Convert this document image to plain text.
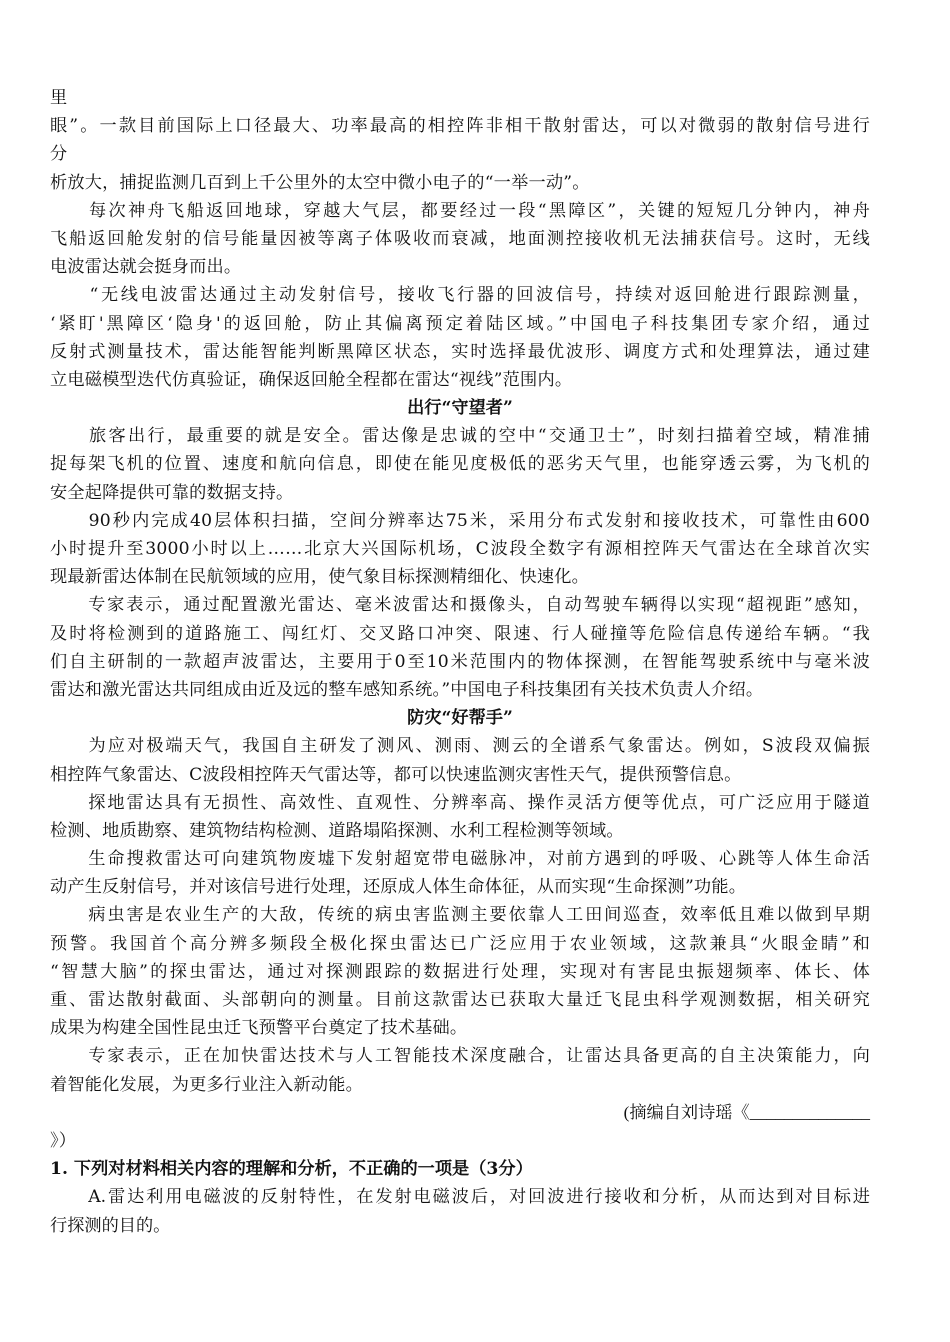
里
眼”。一款目前国际上口径最大、功率最高的相控阵非相干散射雷达，可以对微弱的散射信号进行
分
析放大，捕捉监测几百到上千公里外的太空中微小电子的“一举一动”。
　　每次神舟飞船返回地球，穿越大气层，都要经过一段“黑障区”，关键的短短几分钟内，神舟
飞船返回舱发射的信号能量因被等离子体吸收而衰减，地面测控接收机无法捕获信号。这时，无线
电波雷达就会挺身而出。
　　“无线电波雷达通过主动发射信号，接收飞行器的回波信号，持续对返回舱进行跟踪测量，
‘紧盯'黑障区‘隐身'的返回舱，防止其偏离预定着陆区域。”中国电子科技集团专家介绍，通过
反射式测量技术，雷达能智能判断黑障区状态，实时选择最优波形、调度方式和处理算法，通过建
立电磁模型迭代仿真验证，确保返回舱全程都在雷达“视线”范围内。
出行“守望者”
　　旅客出行，最重要的就是安全。雷达像是忠诚的空中“交通卫士”，时刻扫描着空域，精准捕
捉每架飞机的位置、速度和航向信息，即使在能见度极低的恶劣天气里，也能穿透云雾，为飞机的
安全起降提供可靠的数据支持。
　　90秒内完成40层体积扫描，空间分辨率达75米，采用分布式发射和接收技术，可靠性由600
小时提升至3000小时以上……北京大兴国际机场，C波段全数字有源相控阵天气雷达在全球首次实
现最新雷达体制在民航领域的应用，使气象目标探测精细化、快速化。
　　专家表示，通过配置激光雷达、毫米波雷达和摄像头，自动驾驶车辆得以实现“超视距”感知，
及时将检测到的道路施工、闯红灯、交叉路口冲突、限速、行人碰撞等危险信息传递给车辆。“我
们自主研制的一款超声波雷达，主要用于0至10米范围内的物体探测，在智能驾驶系统中与毫米波
雷达和激光雷达共同组成由近及远的整车感知系统。”中国电子科技集团有关技术负责人介绍。
防灾“好帮手”
　　为应对极端天气，我国自主研发了测风、测雨、测云的全谱系气象雷达。例如，S波段双偏振
相控阵气象雷达、C波段相控阵天气雷达等，都可以快速监测灾害性天气，提供预警信息。
　　探地雷达具有无损性、高效性、直观性、分辨率高、操作灵活方便等优点，可广泛应用于隧道
检测、地质勘察、建筑物结构检测、道路塌陷探测、水利工程检测等领域。
　　生命搜救雷达可向建筑物废墟下发射超宽带电磁脉冲，对前方遇到的呼吸、心跳等人体生命活
动产生反射信号，并对该信号进行处理，还原成人体生命体征，从而实现“生命探测”功能。
　　病虫害是农业生产的大敌，传统的病虫害监测主要依靠人工田间巡查，效率低且难以做到早期
预警。我国首个高分辨多频段全极化探虫雷达已广泛应用于农业领域，这款兼具“火眼金睛”和
“智慧大脑”的探虫雷达，通过对探测跟踪的数据进行处理，实现对有害昆虫振翅频率、体长、体
重、雷达散射截面、头部朝向的测量。目前这款雷达已获取大量迁飞昆虫科学观测数据，相关研究
成果为构建全国性昆虫迁飞预警平台奠定了技术基础。
　　专家表示，正在加快雷达技术与人工智能技术深度融合，让雷达具备更高的自主决策能力，向
着智能化发展，为更多行业注入新动能。
(摘编自刘诗瑶《______________
》）
1. 下列对材料相关内容的理解和分析，不正确的一项是（3分）
　　A.雷达利用电磁波的反射特性，在发射电磁波后，对回波进行接收和分析，从而达到对目标进
行探测的目的。
